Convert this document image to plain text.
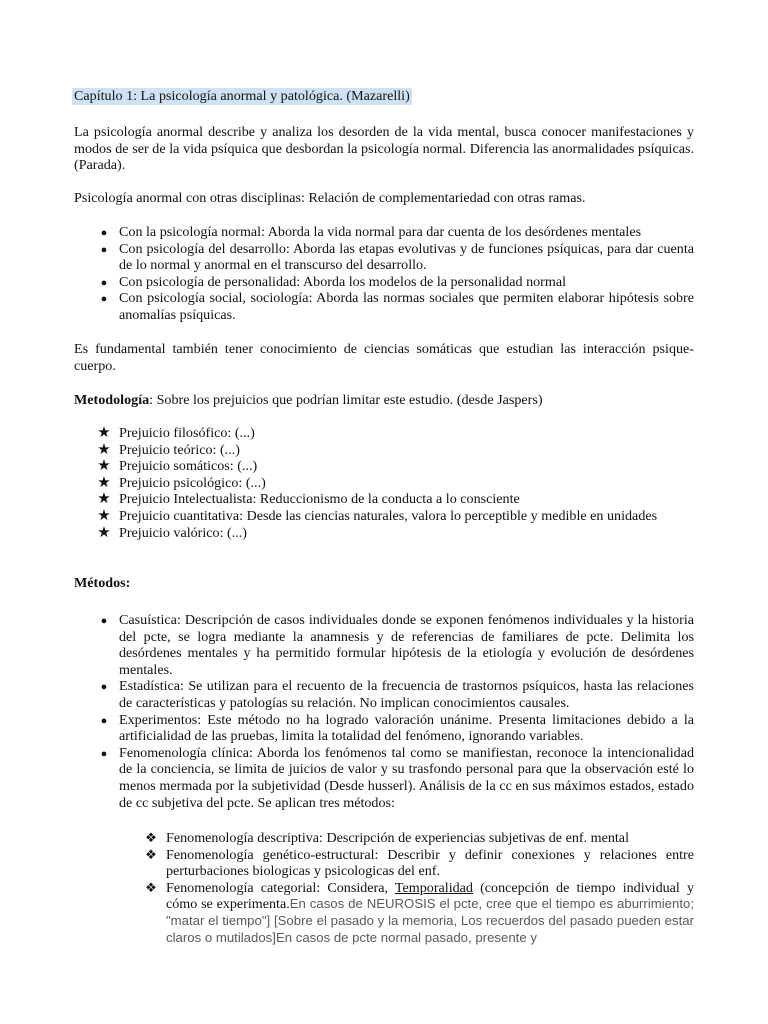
Capítulo 1: La psicología anormal y patológica. (Mazarelli)

La psicología anormal describe y analiza los desorden de la vida mental, busca conocer manifestaciones y modos de ser de la vida psíquica que desbordan la psicología normal. Diferencia las anormalidades psíquicas. (Parada).

Psicología anormal con otras disciplinas: Relación de complementariedad con otras ramas.

●
Con la psicología normal: Aborda la vida normal para dar cuenta de los desórdenes mentales
●
Con psicología del desarrollo: Aborda las etapas evolutivas y de funciones psíquicas, para dar cuenta de lo normal y anormal en el transcurso del desarrollo.
●
Con psicología de personalidad: Aborda los modelos de la personalidad normal
●
Con psicología social, sociología: Aborda las normas sociales que permiten elaborar hipótesis sobre anomalías psíquicas.

Es fundamental también tener conocimiento de ciencias somáticas que estudian las interacción psique-cuerpo.

Metodología: Sobre los prejuicios que podrían limitar este estudio. (desde Jaspers)

★
Prejuicio filosófico: (...)
★
Prejuicio teórico: (...)
★
Prejuicio somáticos: (...)
★
Prejuicio psicológico: (...)
★
Prejuicio Intelectualista: Reduccionismo de la conducta a lo consciente
★
Prejuicio cuantitativa: Desde las ciencias naturales, valora lo perceptible y medible en unidades
★
Prejuicio valórico: (...)

Métodos:

●
Casuística: Descripción de casos individuales donde se exponen fenómenos individuales y la historia del pcte, se logra mediante la anamnesis y de referencias de familiares de pcte. Delimita los desórdenes mentales y ha permitido formular hipótesis de la etiología y evolución de desórdenes mentales.
●
Estadística: Se utilizan para el recuento de la frecuencia de trastornos psíquicos, hasta las relaciones de características y patologías su relación. No implican conocimientos causales.
●
Experimentos: Este método no ha logrado valoración unánime. Presenta limitaciones debido a la artificialidad de las pruebas, limita la totalidad del fenómeno, ignorando variables.
●
Fenomenología clínica: Aborda los fenómenos tal como se manifiestan, reconoce la intencionalidad de la conciencia, se limita de juicios de valor y su trasfondo personal para que la observación esté lo menos mermada por la subjetividad (Desde husserl). Análisis de la cc en sus máximos estados, estado de cc subjetiva del pcte. Se aplican tres métodos:
❖
Fenomenología descriptiva: Descripción de experiencias subjetivas de enf. mental
❖
Fenomenología genético-estructural: Describir y definir conexiones y relaciones entre perturbaciones biologicas y psicologicas del enf.
❖
Fenomenología categorial: Considera, Temporalidad (concepción de tiempo individual y cómo se experimenta.En casos de NEUROSIS el pcte, cree que el tiempo es aburrimiento; "matar el tiempo"] [Sobre el pasado y la memoria, Los recuerdos del pasado pueden estar claros o mutilados]En casos de pcte normal pasado, presente y
